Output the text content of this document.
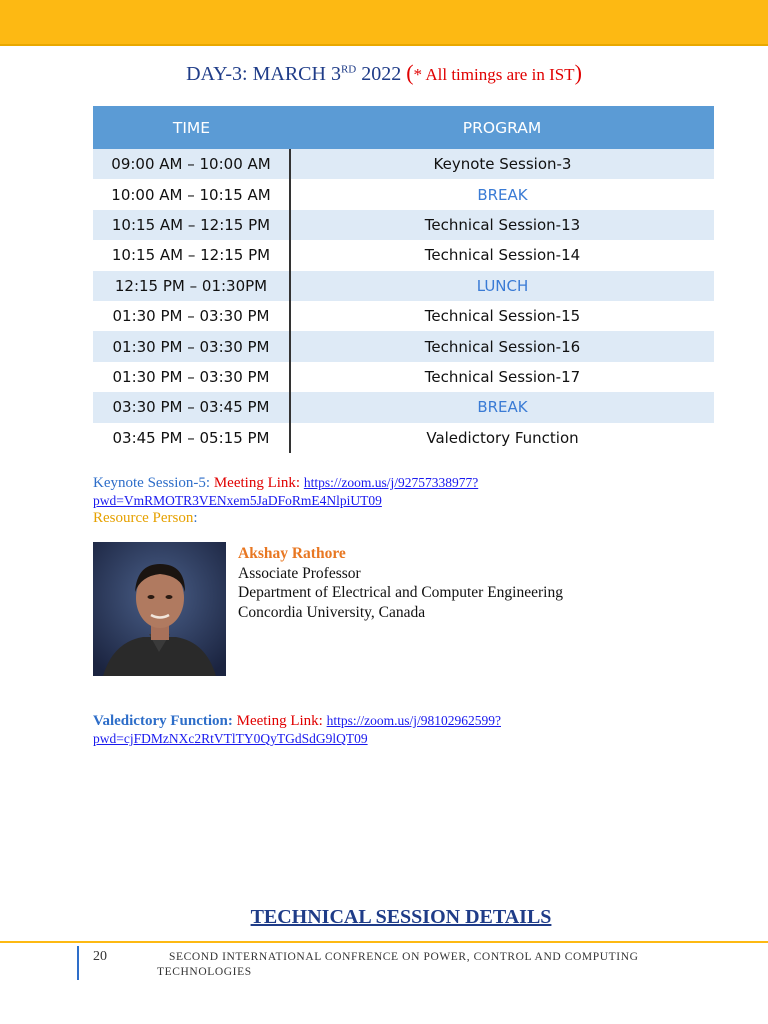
DAY-3: MARCH 3RD 2022 (* All timings are in IST)
TIME	PROGRAM
09:00 AM – 10:00 AM	Keynote Session-3
10:00 AM – 10:15 AM	BREAK
10:15 AM – 12:15 PM	Technical Session-13
10:15 AM – 12:15 PM	Technical Session-14
12:15 PM – 01:30PM	LUNCH
01:30 PM – 03:30 PM	Technical Session-15
01:30 PM – 03:30 PM	Technical Session-16
01:30 PM – 03:30 PM	Technical Session-17
03:30 PM – 03:45 PM	BREAK
03:45 PM – 05:15 PM	Valedictory Function
Keynote Session-5: Meeting Link: https://zoom.us/j/92757338977?
pwd=VmRMOTR3VENxem5JaDFoRmE4NlpiUT09
Resource Person:
Akshay Rathore
Associate Professor
Department of Electrical and Computer Engineering
Concordia University, Canada
Valedictory Function: Meeting Link: https://zoom.us/j/98102962599?
pwd=cjFDMzNXc2RtVTlTY0QyTGdSdG9lQT09
TECHNICAL SESSION DETAILS
20	SECOND INTERNATIONAL CONFRENCE ON POWER, CONTROL AND COMPUTING TECHNOLOGIES
